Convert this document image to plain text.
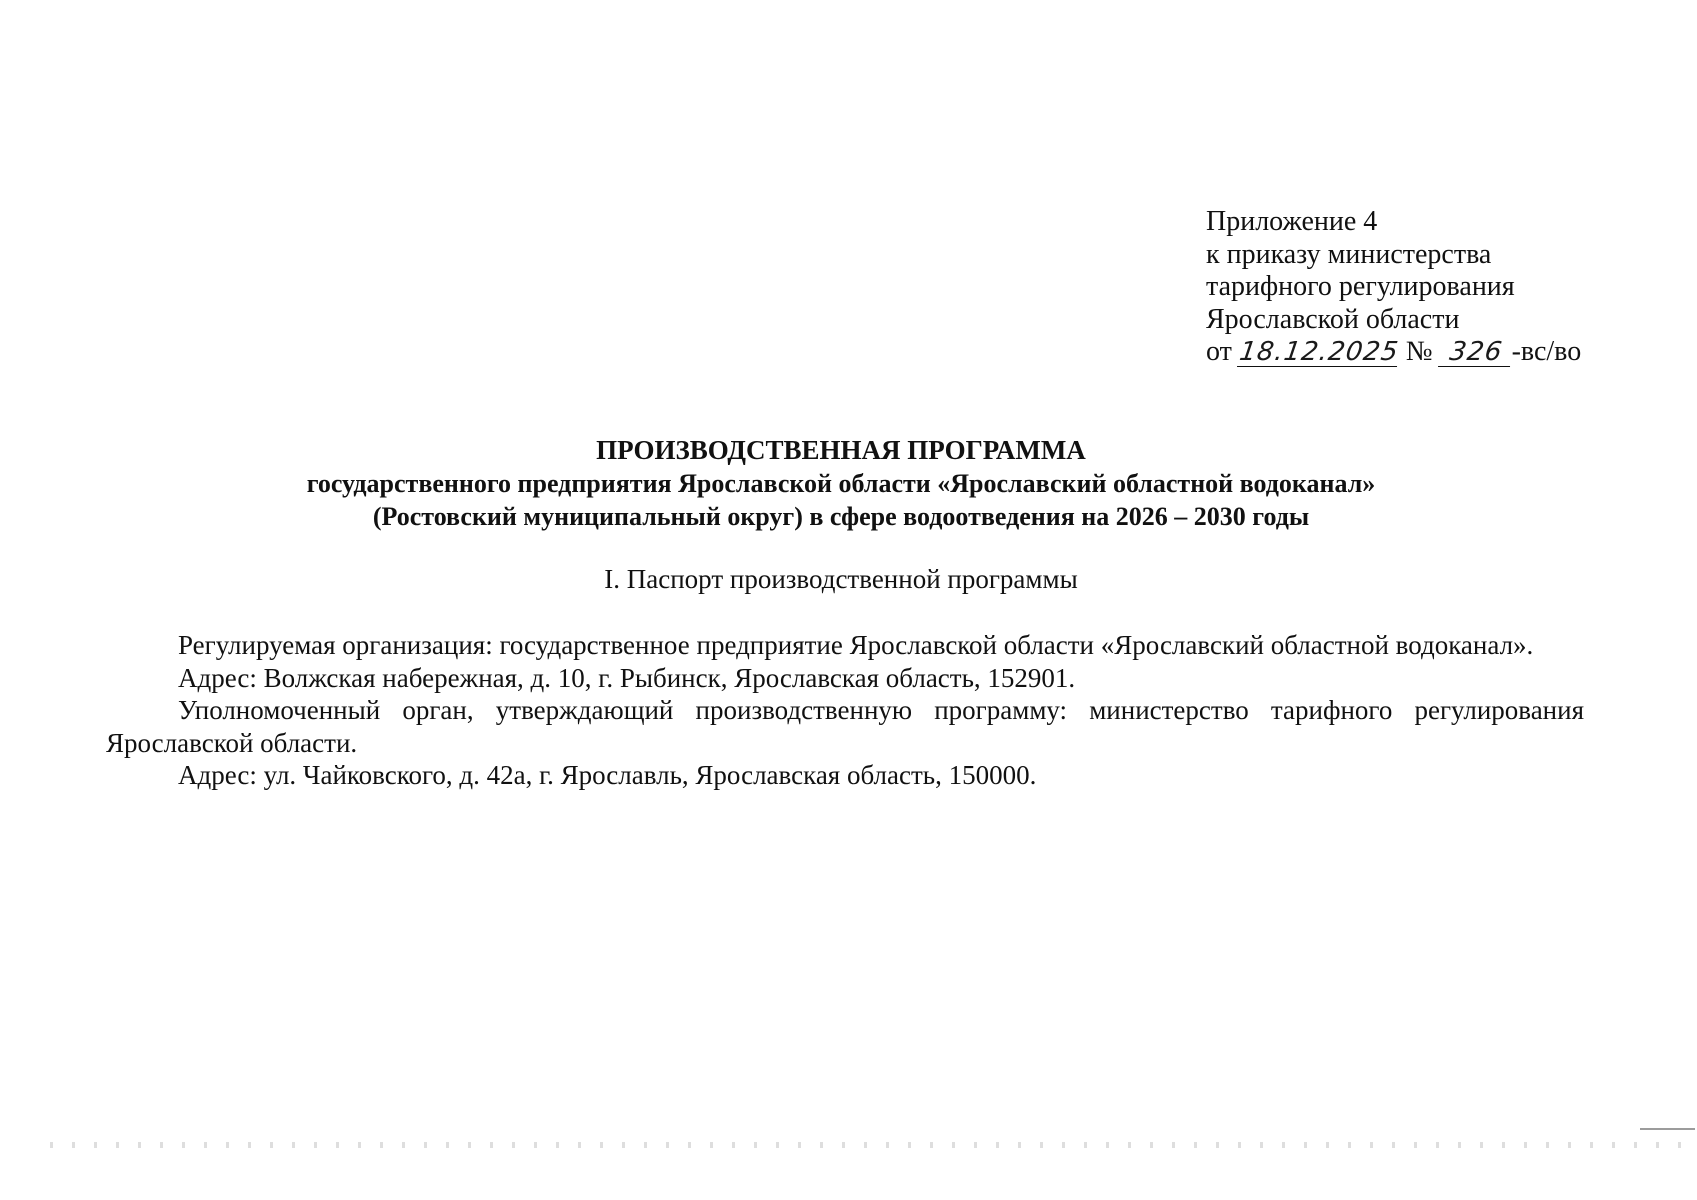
Приложение 4
к приказу министерства
тарифного регулирования
Ярославской области
от 18.12.2025 № 326 -вс/во
ПРОИЗВОДСТВЕННАЯ ПРОГРАММА
государственного предприятия Ярославской области «Ярославский областной водоканал» (Ростовский муниципальный округ) в сфере водоотведения на 2026 – 2030 годы
I. Паспорт производственной программы

Регулируемая организация: государственное предприятие Ярославской области «Ярославский областной водоканал».

Адрес: Волжская набережная, д. 10, г. Рыбинск, Ярославская область, 152901.

Уполномоченный орган, утверждающий производственную программу: министерство тарифного регулирования Ярославской области.

Адрес: ул. Чайковского, д. 42а, г. Ярославль, Ярославская область, 150000.
